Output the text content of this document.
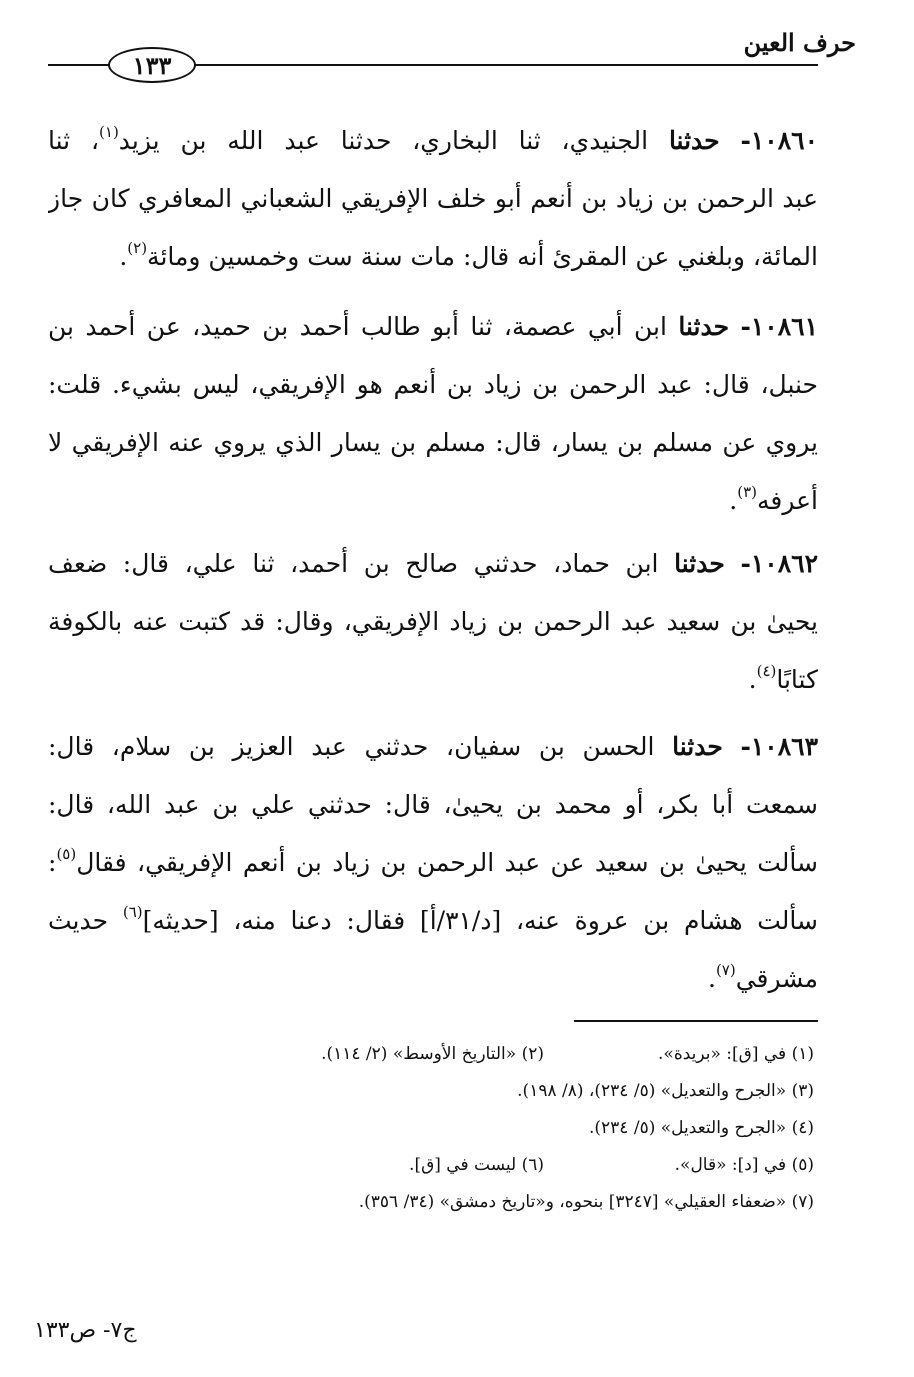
حرف العين
١٣٣
١٠٨٦٠- حدثنا الجنيدي، ثنا البخاري، حدثنا عبد الله بن يزيد$^{(١)}$، ثنا
عبد الرحمن بن زياد بن أنعم أبو خلف الإفريقي الشعباني المعافري كان جاز
المائة، وبلغني عن المقرئ أنه قال: مات سنة ست وخمسين ومائة$^{(٢)}$.
١٠٨٦١- حدثنا ابن أبي عصمة، ثنا أبو طالب أحمد بن حميد، عن أحمد بن
حنبل، قال: عبد الرحمن بن زياد بن أنعم هو الإفريقي، ليس بشيء. قلت:
يروي عن مسلم بن يسار، قال: مسلم بن يسار الذي يروي عنه الإفريقي لا
أعرفه$^{(٣)}$.
١٠٨٦٢- حدثنا ابن حماد، حدثني صالح بن أحمد، ثنا علي، قال: ضعف
يحيىٰ بن سعيد عبد الرحمن بن زياد الإفريقي، وقال: قد كتبت عنه بالكوفة
كتابًا$^{(٤)}$.
١٠٨٦٣- حدثنا الحسن بن سفيان، حدثني عبد العزيز بن سلام، قال:
سمعت أبا بكر، أو محمد بن يحيىٰ، قال: حدثني علي بن عبد الله، قال:
سألت يحيىٰ بن سعيد عن عبد الرحمن بن زياد بن أنعم الإفريقي، فقال$^{(٥)}$:
سألت هشام بن عروة عنه، [د/٣١/أ] فقال: دعنا منه، [حديثه]$^{(٦)}$ حديث
مشرقي$^{(٧)}$.
(١) في [ق]: «بريدة».
(٢) «التاريخ الأوسط» (٢/ ١١٤).
(٣) «الجرح والتعديل» (٥/ ٢٣٤)، (٨/ ١٩٨).
(٤) «الجرح والتعديل» (٥/ ٢٣٤).
(٥) في [د]: «قال».
(٦) ليست في [ق].
(٧) «ضعفاء العقيلي» [٣٢٤٧] بنحوه، و«تاريخ دمشق» (٣٤/ ٣٥٦).
ج٧- ص١٣٣
